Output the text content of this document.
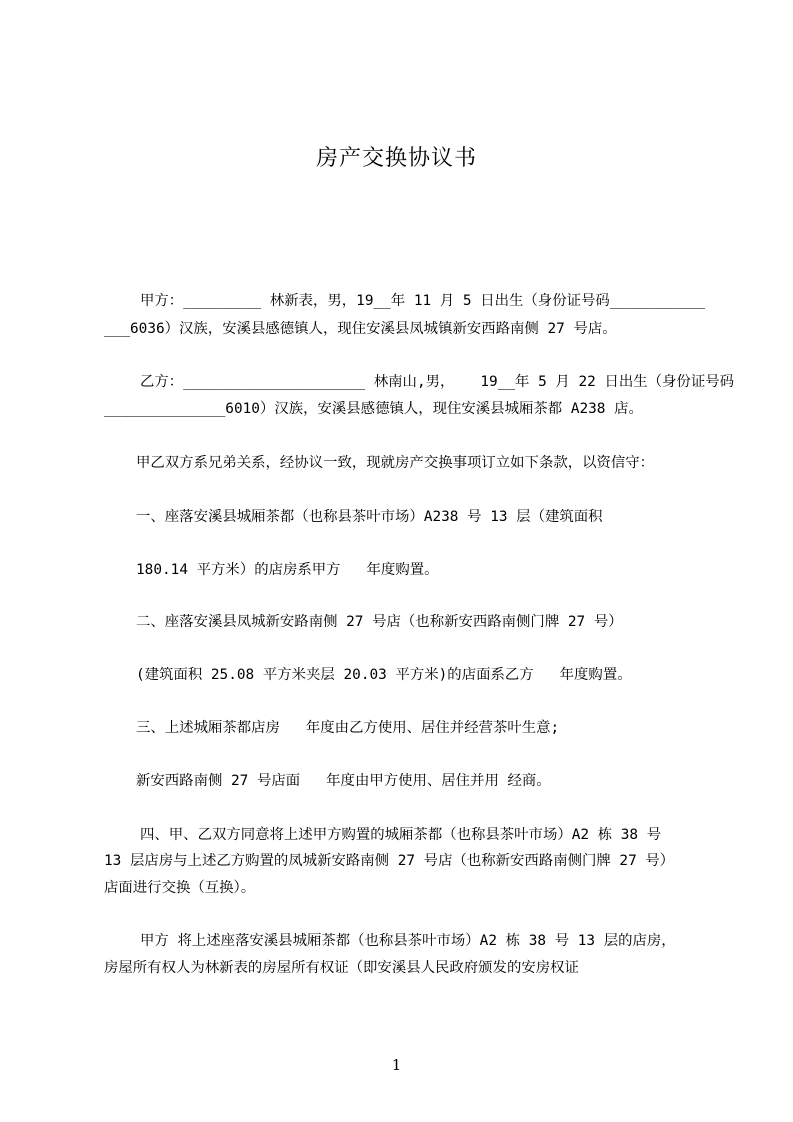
房产交换协议书
甲方：_________ 林新表，男，19__年 11 月 5 日出生（身份证号码___________
___6036）汉族，安溪县感德镇人，现住安溪县凤城镇新安西路南侧 27 号店。
乙方：_____________________ 林南山,男，   19__年 5 月 22 日出生（身份证号码
______________6010）汉族，安溪县感德镇人，现住安溪县城厢茶都 A238 店。
甲乙双方系兄弟关系，经协议一致，现就房产交换事项订立如下条款，以资信守：
一、座落安溪县城厢茶都（也称县茶叶市场）A238 号 13 层（建筑面积
180.14 平方米）的店房系甲方   年度购置。
二、座落安溪县凤城新安路南侧 27 号店（也称新安西路南侧门牌 27 号）
(建筑面积 25.08 平方米夹层 20.03 平方米)的店面系乙方   年度购置。
三、上述城厢茶都店房   年度由乙方使用、居住并经营茶叶生意;
新安西路南侧 27 号店面   年度由甲方使用、居住并用 经商。
四、甲、乙双方同意将上述甲方购置的城厢茶都（也称县茶叶市场）A2 栋 38 号
13 层店房与上述乙方购置的凤城新安路南侧 27 号店（也称新安西路南侧门牌 27 号）
店面进行交换（互换）。
甲方 将上述座落安溪县城厢茶都（也称县茶叶市场）A2 栋 38 号 13 层的店房，
房屋所有权人为林新表的房屋所有权证（即安溪县人民政府颁发的安房权证
1
